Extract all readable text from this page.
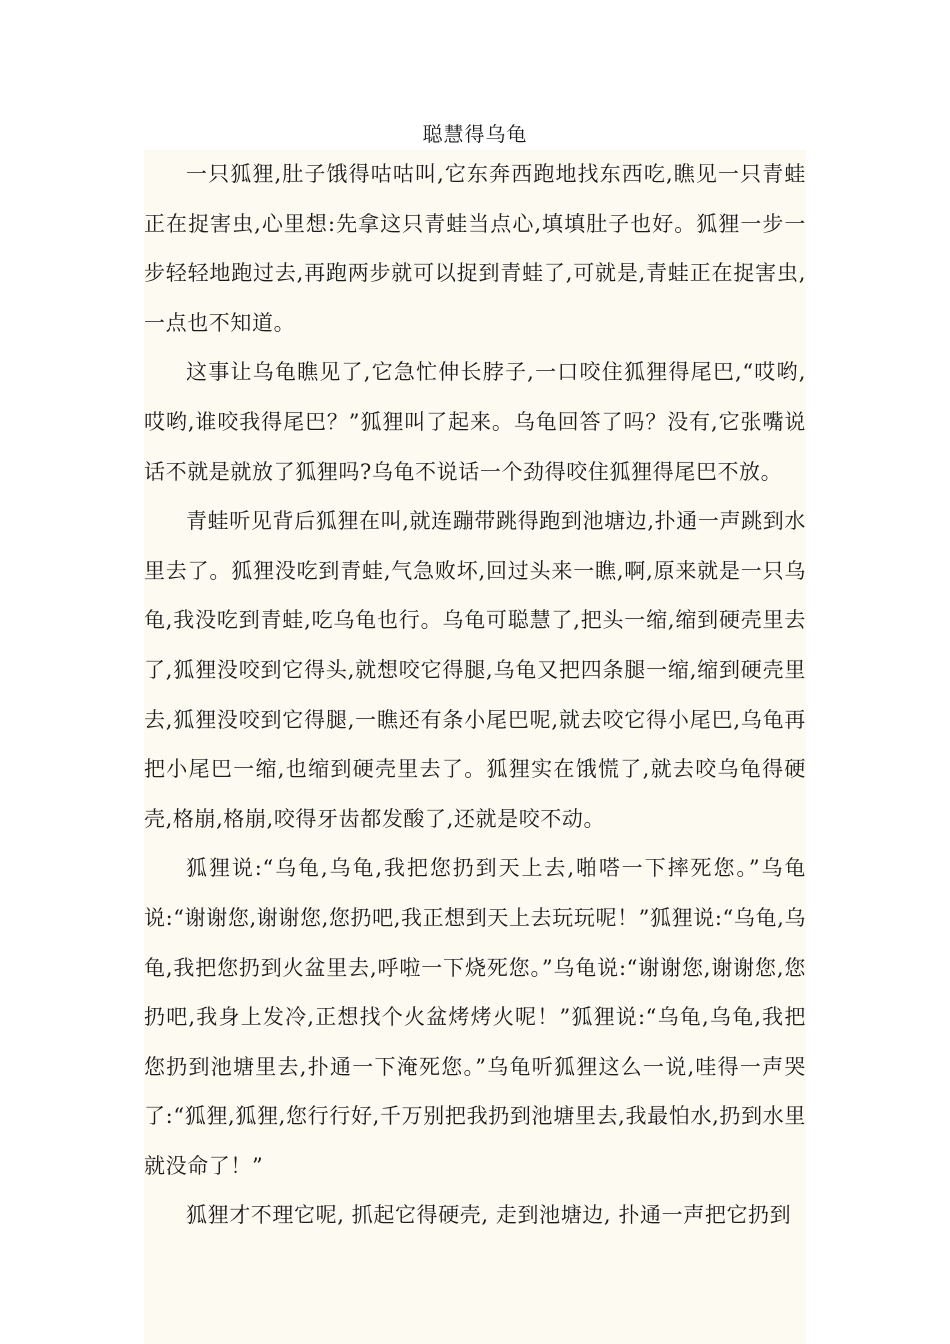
聪慧得乌龟

一只狐狸,肚子饿得咕咕叫,它东奔西跑地找东西吃,瞧见一只青蛙正在捉害虫,心里想:先拿这只青蛙当点心,填填肚子也好。狐狸一步一步轻轻地跑过去,再跑两步就可以捉到青蛙了,可就是,青蛙正在捉害虫,一点也不知道。

这事让乌龟瞧见了,它急忙伸长脖子,一口咬住狐狸得尾巴,“哎哟,哎哟,谁咬我得尾巴？”狐狸叫了起来。乌龟回答了吗？没有,它张嘴说话不就是就放了狐狸吗?乌龟不说话一个劲得咬住狐狸得尾巴不放。

青蛙听见背后狐狸在叫,就连蹦带跳得跑到池塘边,扑通一声跳到水里去了。狐狸没吃到青蛙,气急败坏,回过头来一瞧,啊,原来就是一只乌龟,我没吃到青蛙,吃乌龟也行。乌龟可聪慧了,把头一缩,缩到硬壳里去了,狐狸没咬到它得头,就想咬它得腿,乌龟又把四条腿一缩,缩到硬壳里去,狐狸没咬到它得腿,一瞧还有条小尾巴呢,就去咬它得小尾巴,乌龟再把小尾巴一缩,也缩到硬壳里去了。狐狸实在饿慌了,就去咬乌龟得硬壳,格崩,格崩,咬得牙齿都发酸了,还就是咬不动。

狐狸说:“乌龟,乌龟,我把您扔到天上去,啪嗒一下摔死您。”乌龟说:“谢谢您,谢谢您,您扔吧,我正想到天上去玩玩呢！”狐狸说:“乌龟,乌龟,我把您扔到火盆里去,呼啦一下烧死您。”乌龟说:“谢谢您,谢谢您,您扔吧,我身上发冷,正想找个火盆烤烤火呢！”狐狸说:“乌龟,乌龟,我把您扔到池塘里去,扑通一下淹死您。”乌龟听狐狸这么一说,哇得一声哭了:“狐狸,狐狸,您行行好,千万别把我扔到池塘里去,我最怕水,扔到水里就没命了！”

狐狸才不理它呢, 抓起它得硬壳, 走到池塘边, 扑通一声把它扔到
